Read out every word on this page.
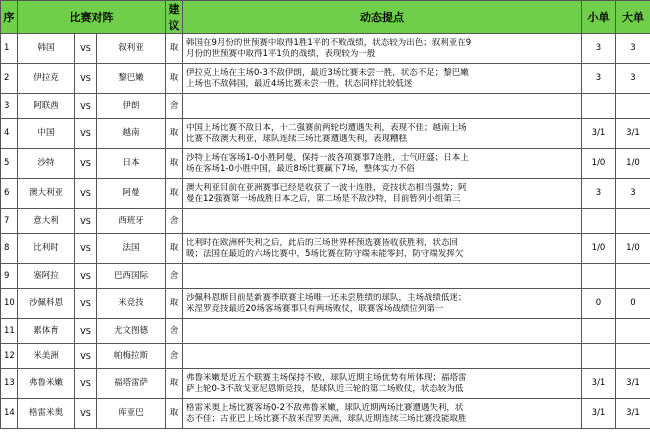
序	比赛对阵			建议	动态提点	小单	大单
1	韩国	VS	叙利亚	取	韩国在9月份的世预赛中取得1胜1平的不败战绩，状态较为出色；叙利亚在9
月份的世预赛中取得1平1负的战绩，表现较为一般	3	3
2	伊拉克	VS	黎巴嫩	取	伊拉克上场在主场0-3不敌伊朗，最近3场比赛未尝一胜，状态不足；黎巴嫩
上场也不敌韩国，最近4场比赛未尝一胜，状态同样比较低迷	3	3
3	阿联酋	VS	伊朗	舍	

4	中国	VS	越南	取	中国上场比赛不敌日本，十二强赛前两轮均遭遇失利，表现不佳；越南上场
比赛不敌澳大利亚，球队连续三场比赛遭遇失利，表现糟糕	3/1	3/1
5	沙特	VS	日本	取	沙特上场在客场1-0小胜阿曼，保持一波各项赛事7连胜，士气旺盛；日本上
场在客场1-0小胜中国，最近8场比赛赢下7场，整体实力不俗	1/0	1/0
6	澳大利亚	VS	阿曼	取	澳大利亚目前在亚洲赛事已经是收获了一波十连胜，竞技状态相当强势；阿
曼在12强赛第一场战胜日本之后，第二场是不敌沙特，目前暂列小组第三	3	3
7	意大利	VS	西班牙	舍	

8	比利时	VS	法国	取	比利时在欧洲杯失利之后，此后的三场世界杯预选赛皆收获胜利，状态回
暖；法国在最近的六场比赛中，5场比赛在防守端未能零封，防守端发挥欠	1/0	1/0
9	塞阿拉	VS	巴西国际	舍	

10	沙佩科恩	VS	米竞技	取	沙佩科恩斯目前是新赛季联赛主场唯一还未尝胜绩的球队，主场战绩低迷；
米涅罗竞技最近20场客场赛事只有两场败仗，联赛客场战绩位列第一	0	0
11	累体育	VS	尤文图德	舍	

12	米美洲	VS	帕梅拉斯	舍	

13	弗鲁米嫩	VS	福塔雷萨	取	弗鲁米嫩是近五个联赛主场保持不败，球队近期主场优势有所体现；福塔雷
萨上轮0-3不敌戈亚尼恩斯竞技，是球队近三轮的第二场败仗，状态较为低	3/1	3/1
14	格雷米奥	VS	库亚巴	取	格雷米奥上场比赛客场0-2不敌弗鲁米嫩，球队近期两场比赛遭遇失利，状
态不佳；古亚巴上场比赛不敌米涅罗美洲，球队近期连续三场比赛没能取胜	3/1	3/1
